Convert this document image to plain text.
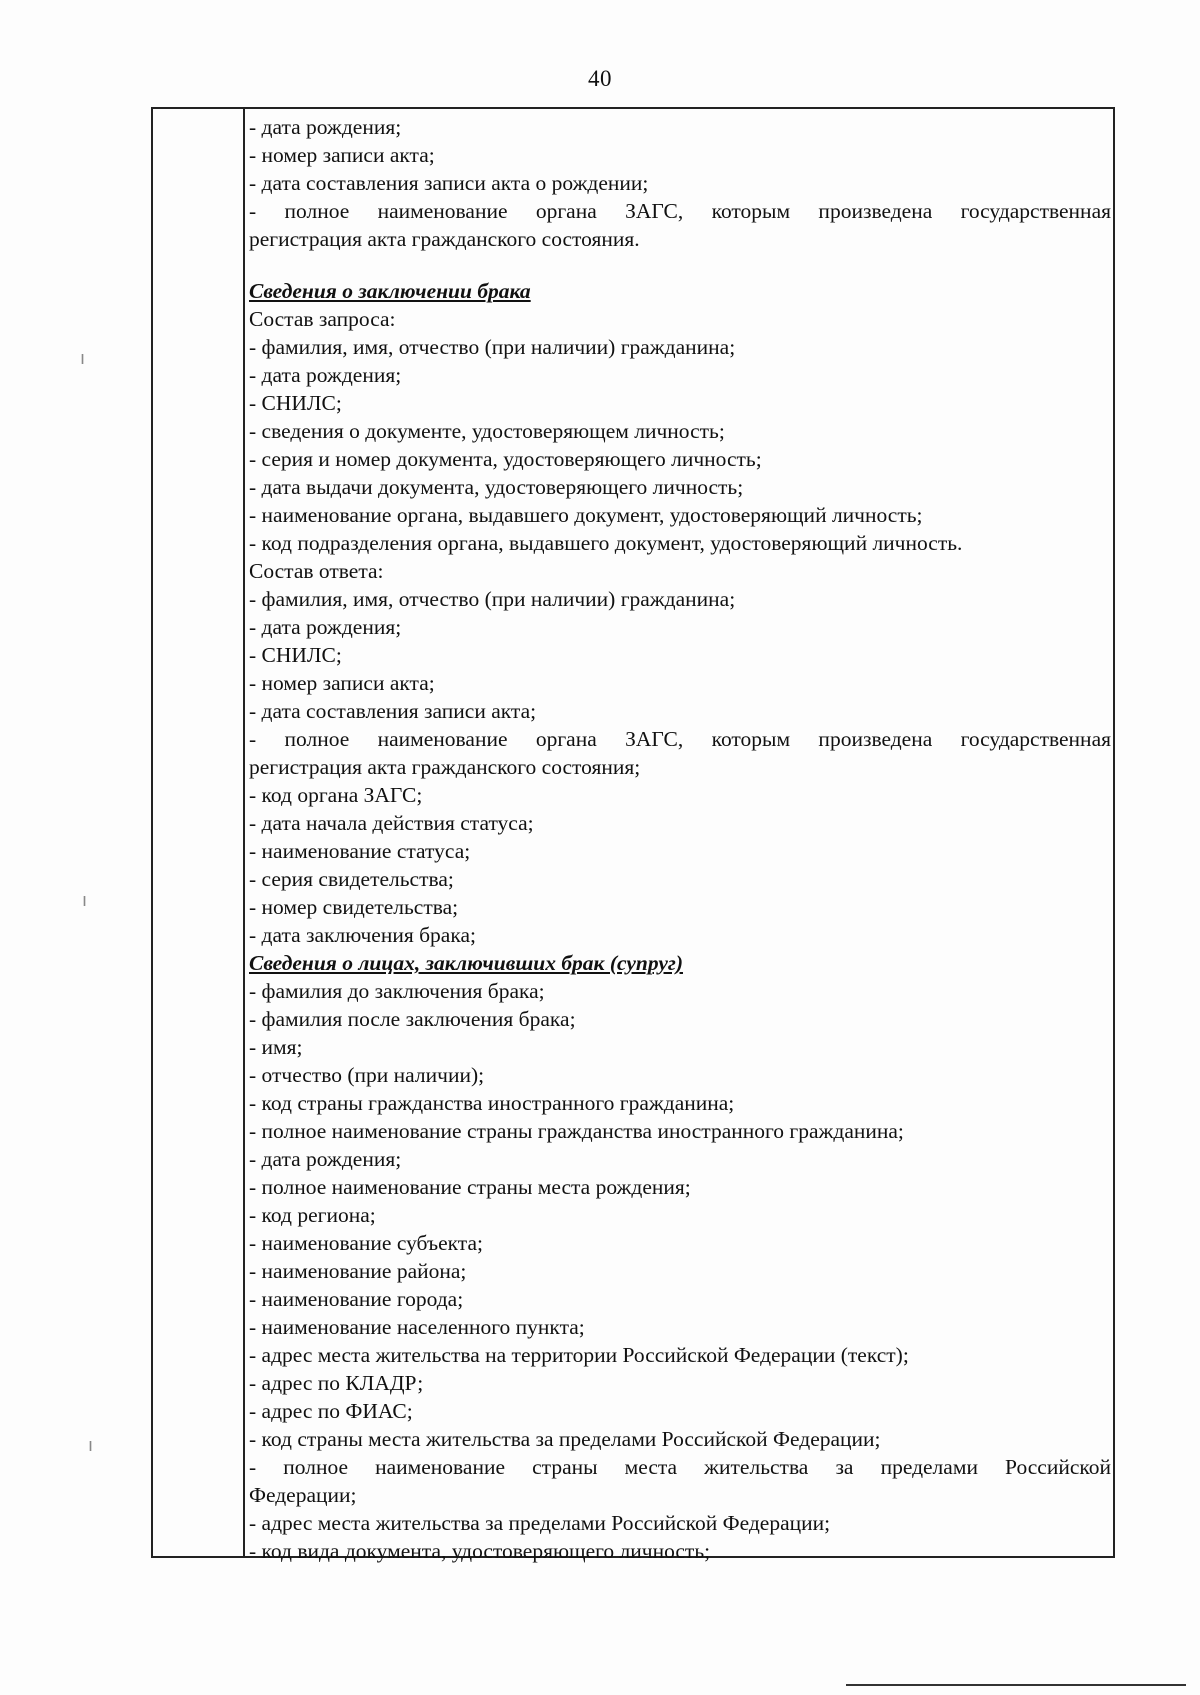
40
ı
ı
ı
- дата рождения;
- номер записи акта;
- дата составления записи акта о рождении;
- полное наименование органа ЗАГС, которым произведена государственная
регистрация акта гражданского состояния.
Сведения о заключении брака
Состав запроса:
- фамилия, имя, отчество (при наличии) гражданина;
- дата рождения;
- СНИЛС;
- сведения о документе, удостоверяющем личность;
- серия и номер документа, удостоверяющего личность;
- дата выдачи документа, удостоверяющего личность;
- наименование органа, выдавшего документ, удостоверяющий личность;
- код подразделения органа, выдавшего документ, удостоверяющий личность.
Состав ответа:
- фамилия, имя, отчество (при наличии) гражданина;
- дата рождения;
- СНИЛС;
- номер записи акта;
- дата составления записи акта;
- полное наименование органа ЗАГС, которым произведена государственная
регистрация акта гражданского состояния;
- код органа ЗАГС;
- дата начала действия статуса;
- наименование статуса;
- серия свидетельства;
- номер свидетельства;
- дата заключения брака;
Сведения о лицах, заключивших брак (супруг)
- фамилия до заключения брака;
- фамилия после заключения брака;
- имя;
- отчество (при наличии);
- код страны гражданства иностранного гражданина;
- полное наименование страны гражданства иностранного гражданина;
- дата рождения;
- полное наименование страны места рождения;
- код региона;
- наименование субъекта;
- наименование района;
- наименование города;
- наименование населенного пункта;
- адрес места жительства на территории Российской Федерации (текст);
- адрес по КЛАДР;
- адрес по ФИАС;
- код страны места жительства за пределами Российской Федерации;
- полное наименование страны места жительства за пределами Российской
Федерации;
- адрес места жительства за пределами Российской Федерации;
- код вида документа, удостоверяющего личность;
